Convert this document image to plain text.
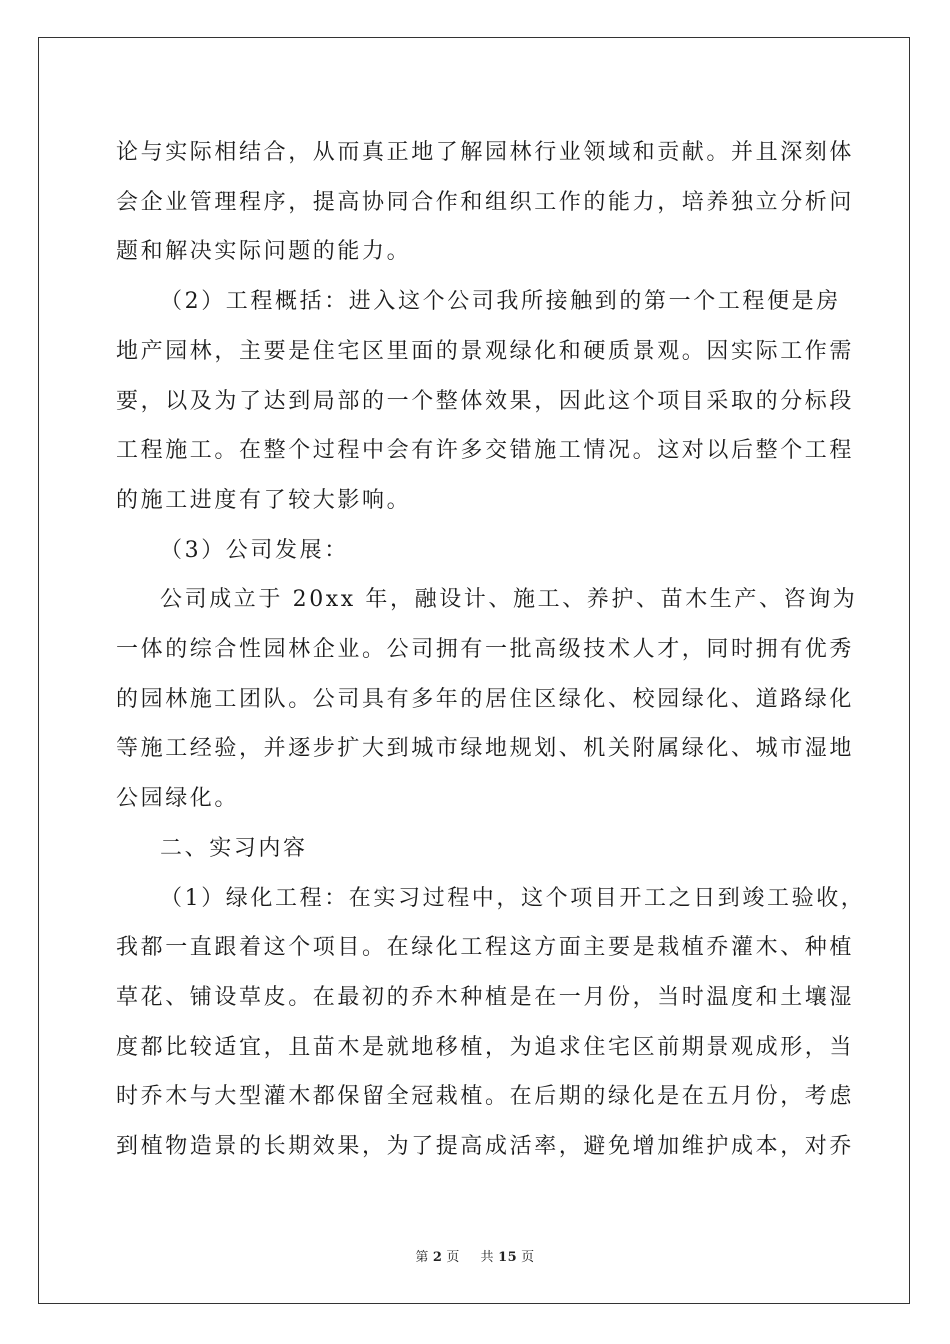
论与实际相结合，从而真正地了解园林行业领域和贡献。并且深刻体
会企业管理程序，提高协同合作和组织工作的能力，培养独立分析问
题和解决实际问题的能力。
（2）工程概括：进入这个公司我所接触到的第一个工程便是房
地产园林，主要是住宅区里面的景观绿化和硬质景观。因实际工作需
要，以及为了达到局部的一个整体效果，因此这个项目采取的分标段
工程施工。在整个过程中会有许多交错施工情况。这对以后整个工程
的施工进度有了较大影响。
（3）公司发展：
公司成立于 20xx 年，融设计、施工、养护、苗木生产、咨询为
一体的综合性园林企业。公司拥有一批高级技术人才，同时拥有优秀
的园林施工团队。公司具有多年的居住区绿化、校园绿化、道路绿化
等施工经验，并逐步扩大到城市绿地规划、机关附属绿化、城市湿地
公园绿化。
二、实习内容
（1）绿化工程：在实习过程中，这个项目开工之日到竣工验收，
我都一直跟着这个项目。在绿化工程这方面主要是栽植乔灌木、种植
草花、铺设草皮。在最初的乔木种植是在一月份，当时温度和土壤湿
度都比较适宜，且苗木是就地移植，为追求住宅区前期景观成形，当
时乔木与大型灌木都保留全冠栽植。在后期的绿化是在五月份，考虑
到植物造景的长期效果，为了提高成活率，避免增加维护成本，对乔

第 2 页 共 15 页
